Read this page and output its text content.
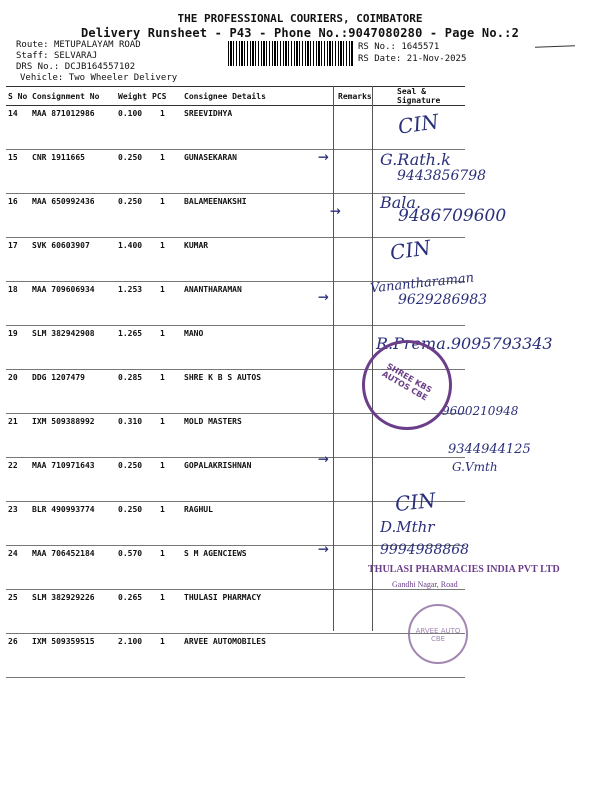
THE PROFESSIONAL COURIERS, COIMBATORE
Delivery Runsheet - P43 - Phone No.:9047080280 - Page No.:2
Route: METUPALAYAM ROAD
Staff: SELVARAJ
DRS No.: DCJB164557102
Vehicle: Two Wheeler Delivery
RS No.: 1645571
RS Date: 21-Nov-2025
S No	Consignment No	Weight	PCS	Consignee Details	Remarks	Seal & Signature
14	MAA 871012986	0.100	1	SREEVIDHYA		
15	CNR 1911665	0.250	1	GUNASEKARAN		
16	MAA 650992436	0.250	1	BALAMEENAKSHI		
17	SVK 60603907	1.400	1	KUMAR		
18	MAA 709606934	1.253	1	ANANTHARAMAN		
19	SLM 382942908	1.265	1	MANO		
20	DDG 1207479	0.285	1	SHRE K B S AUTOS		
21	IXM 509388992	0.310	1	MOLD MASTERS		
22	MAA 710971643	0.250	1	GOPALAKRISHNAN		
23	BLR 490993774	0.250	1	RAGHUL		
24	MAA 706452184	0.570	1	S M AGENCIEWS		
25	SLM 382929226	0.265	1	THULASI PHARMACY		
26	IXM 509359515	2.100	1	ARVEE AUTOMOBILES		
→
→
→
→
→
CIN
G.Rath.k
9443856798
Bala.
9486709600
CIN
Vanantharaman
9629286983
R.Prema.9095793343
9600210948
9344944125
G.Vmth
CIN
D.Mthr
9994988868
SHREE KBS AUTOS CBE
THULASI PHARMACIES INDIA PVT LTD
Gandhi Nagar, Road
ARVEE AUTO CBE
